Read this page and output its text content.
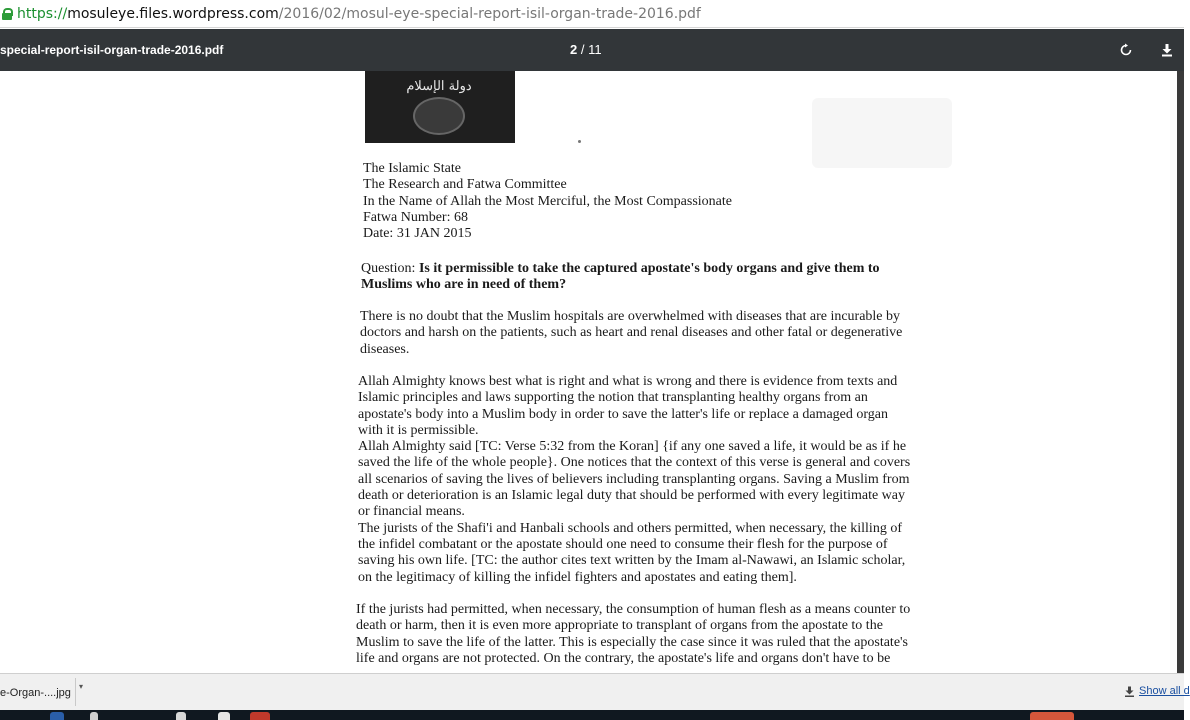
https:// mosuleye.files.wordpress.com /2016/02/mosul-eye-special-report-isil-organ-trade-2016.pdf
special-report-isil-organ-trade-2016.pdf	2 / 11
دولة الإسلام

The Islamic State

The Research and Fatwa Committee

In the Name of Allah the Most Merciful, the Most Compassionate

Fatwa Number: 68

Date: 31 JAN 2015

Question: Is it permissible to take the captured apostate's body organs and give them to

Muslims who are in need of them?

There is no doubt that the Muslim hospitals are overwhelmed with diseases that are incurable by

doctors and harsh on the patients, such as heart and renal diseases and other fatal or degenerative

diseases.

Allah Almighty knows best what is right and what is wrong and there is evidence from texts and

Islamic principles and laws supporting the notion that transplanting healthy organs from an

apostate's body into a Muslim body in order to save the latter's life or replace a damaged organ

with it is permissible.

Allah Almighty said [TC: Verse 5:32 from the Koran] {if any one saved a life, it would be as if he

saved the life of the whole people}. One notices that the context of this verse is general and covers

all scenarios of saving the lives of believers including transplanting organs. Saving a Muslim from

death or deterioration is an Islamic legal duty that should be performed with every legitimate way

or financial means.

The jurists of the Shafi'i and Hanbali schools and others permitted, when necessary, the killing of

the infidel combatant or the apostate should one need to consume their flesh for the purpose of

saving his own life. [TC: the author cites text written by the Imam al-Nawawi, an Islamic scholar,

on the legitimacy of killing the infidel fighters and apostates and eating them].

If the jurists had permitted, when necessary, the consumption of human flesh as a means counter to

death or harm, then it is even more appropriate to transplant of organs from the apostate to the

Muslim to save the life of the latter. This is especially the case since it was ruled that the apostate's

life and organs are not protected. On the contrary, the apostate's life and organs don't have to be

e-Organ-....jpg ▾	Show all d
